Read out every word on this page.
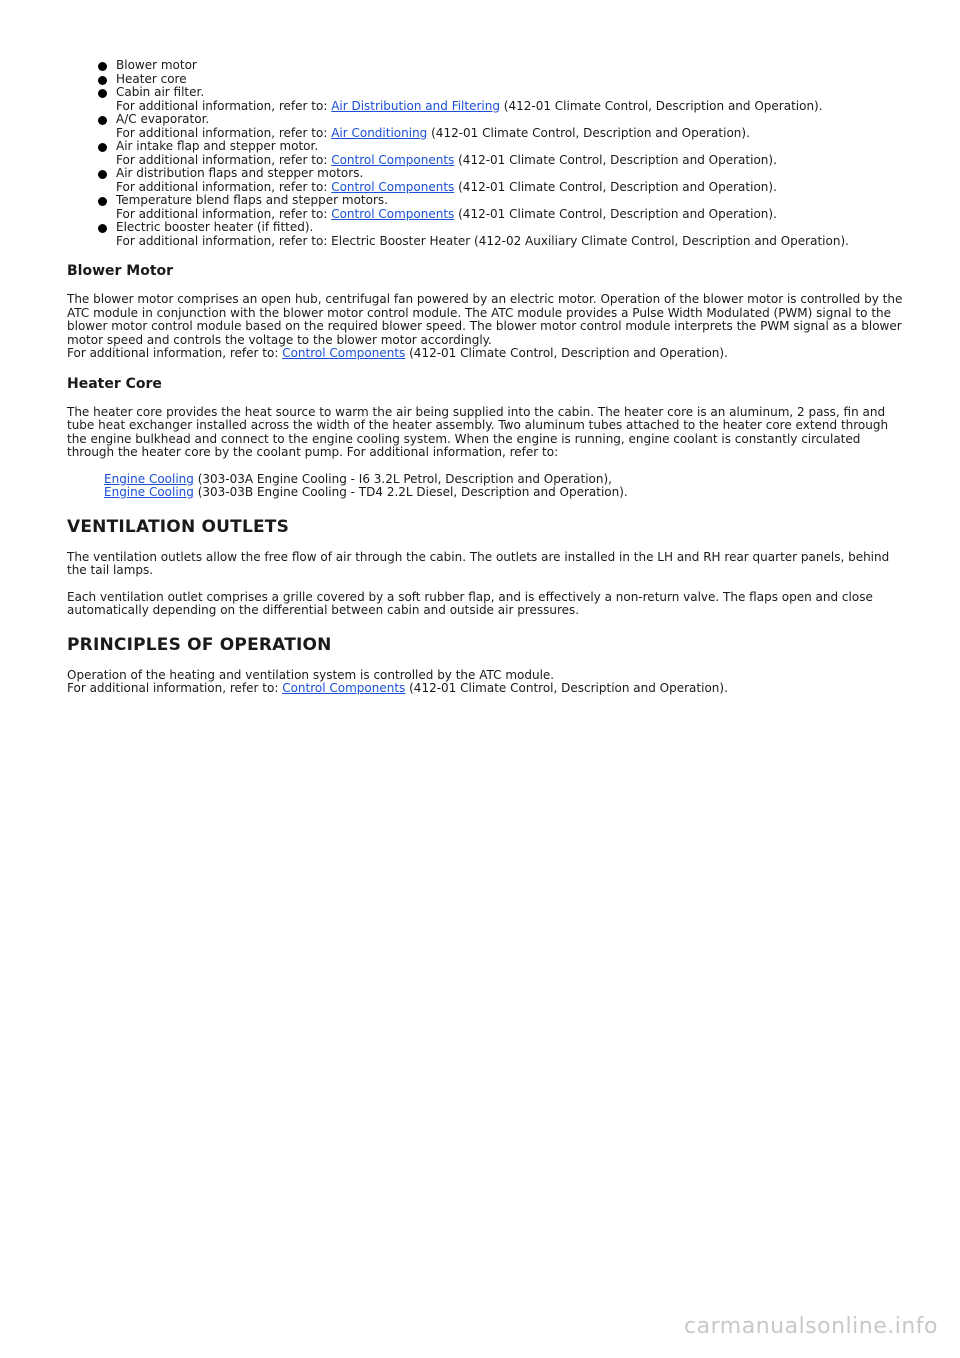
Blower motor
Heater core
Cabin air filter.
For additional information, refer to: Air Distribution and Filtering (412-01 Climate Control, Description and Operation).
A/C evaporator.
For additional information, refer to: Air Conditioning (412-01 Climate Control, Description and Operation).
Air intake flap and stepper motor.
For additional information, refer to: Control Components (412-01 Climate Control, Description and Operation).
Air distribution flaps and stepper motors.
For additional information, refer to: Control Components (412-01 Climate Control, Description and Operation).
Temperature blend flaps and stepper motors.
For additional information, refer to: Control Components (412-01 Climate Control, Description and Operation).
Electric booster heater (if fitted).
For additional information, refer to: Electric Booster Heater (412-02 Auxiliary Climate Control, Description and Operation).
Blower Motor

The blower motor comprises an open hub, centrifugal fan powered by an electric motor. Operation of the blower motor is controlled by the ATC module in conjunction with the blower motor control module. The ATC module provides a Pulse Width Modulated (PWM) signal to the blower motor control module based on the required blower speed. The blower motor control module interprets the PWM signal as a blower motor speed and controls the voltage to the blower motor accordingly.
For additional information, refer to: Control Components (412-01 Climate Control, Description and Operation).

Heater Core

The heater core provides the heat source to warm the air being supplied into the cabin. The heater core is an aluminum, 2 pass, fin and tube heat exchanger installed across the width of the heater assembly. Two aluminum tubes attached to the heater core extend through the engine bulkhead and connect to the engine cooling system. When the engine is running, engine coolant is constantly circulated through the heater core by the coolant pump. For additional information, refer to:

Engine Cooling (303-03A Engine Cooling - I6 3.2L Petrol, Description and Operation),
Engine Cooling (303-03B Engine Cooling - TD4 2.2L Diesel, Description and Operation).
VENTILATION OUTLETS

The ventilation outlets allow the free flow of air through the cabin. The outlets are installed in the LH and RH rear quarter panels, behind the tail lamps.

Each ventilation outlet comprises a grille covered by a soft rubber flap, and is effectively a non-return valve. The flaps open and close automatically depending on the differential between cabin and outside air pressures.

PRINCIPLES OF OPERATION

Operation of the heating and ventilation system is controlled by the ATC module.
For additional information, refer to: Control Components (412-01 Climate Control, Description and Operation).

carmanualsonline.info
